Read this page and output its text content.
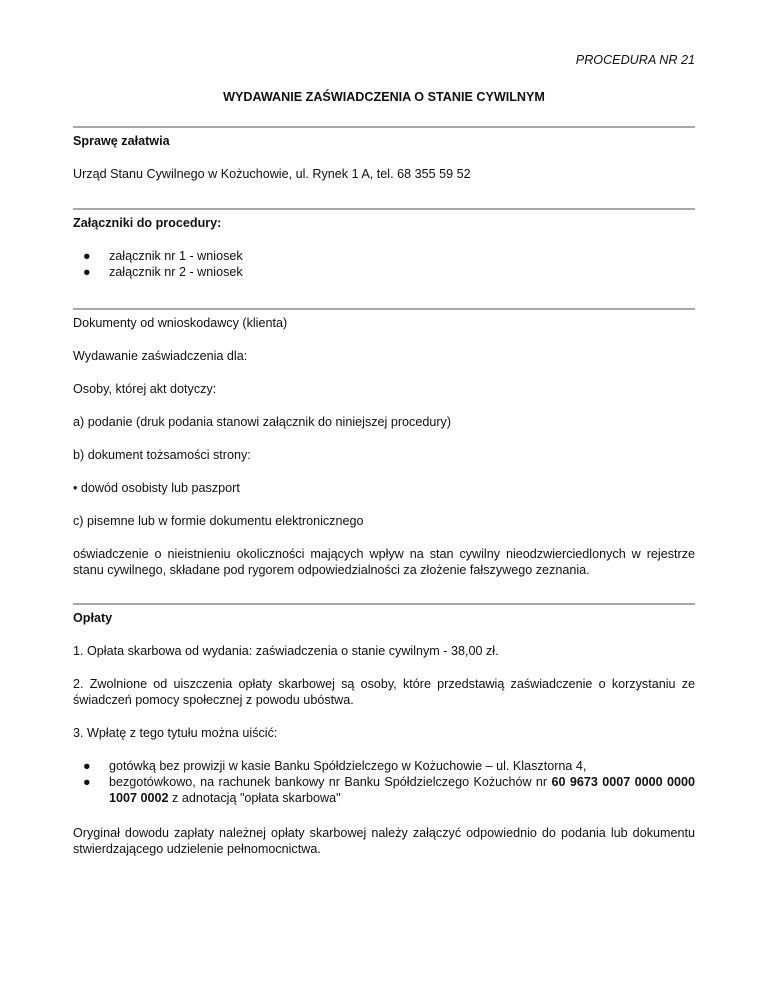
PROCEDURA NR 21
WYDAWANIE ZAŚWIADCZENIA O STANIE CYWILNYM
Sprawę załatwia
Urząd Stanu Cywilnego w Kożuchowie, ul. Rynek 1 A, tel. 68 355 59 52
Załączniki do procedury:
● załącznik nr 1 - wniosek
● załącznik nr 2 - wniosek
Dokumenty od wnioskodawcy (klienta)
Wydawanie zaświadczenia dla:
Osoby, której akt dotyczy:
a) podanie (druk podania stanowi załącznik do niniejszej procedury)
b) dokument tożsamości strony:
• dowód osobisty lub paszport
c) pisemne lub w formie dokumentu elektronicznego

oświadczenie o nieistnieniu okoliczności mających wpływ na stan cywilny nieodzwierciedlonych w rejestrze stanu cywilnego, składane pod rygorem odpowiedzialności za złożenie fałszywego zeznania.

Opłaty
1. Opłata skarbowa od wydania: zaświadczenia o stanie cywilnym - 38,00 zł.

2. Zwolnione od uiszczenia opłaty skarbowej są osoby, które przedstawią zaświadczenie o korzystaniu ze świadczeń pomocy społecznej z powodu ubóstwa.

3. Wpłatę z tego tytułu można uiścić:
● gotówką bez prowizji w kasie Banku Spółdzielczego w Kożuchowie – ul. Klasztorna 4,
● bezgotówkowo, na rachunek bankowy nr Banku Spółdzielczego Kożuchów nr 60 9673 0007 0000 0000 1007 0002 z adnotacją "opłata skarbowa"

Oryginał dowodu zapłaty należnej opłaty skarbowej należy załączyć odpowiednio do podania lub dokumentu stwierdzającego udzielenie pełnomocnictwa.
